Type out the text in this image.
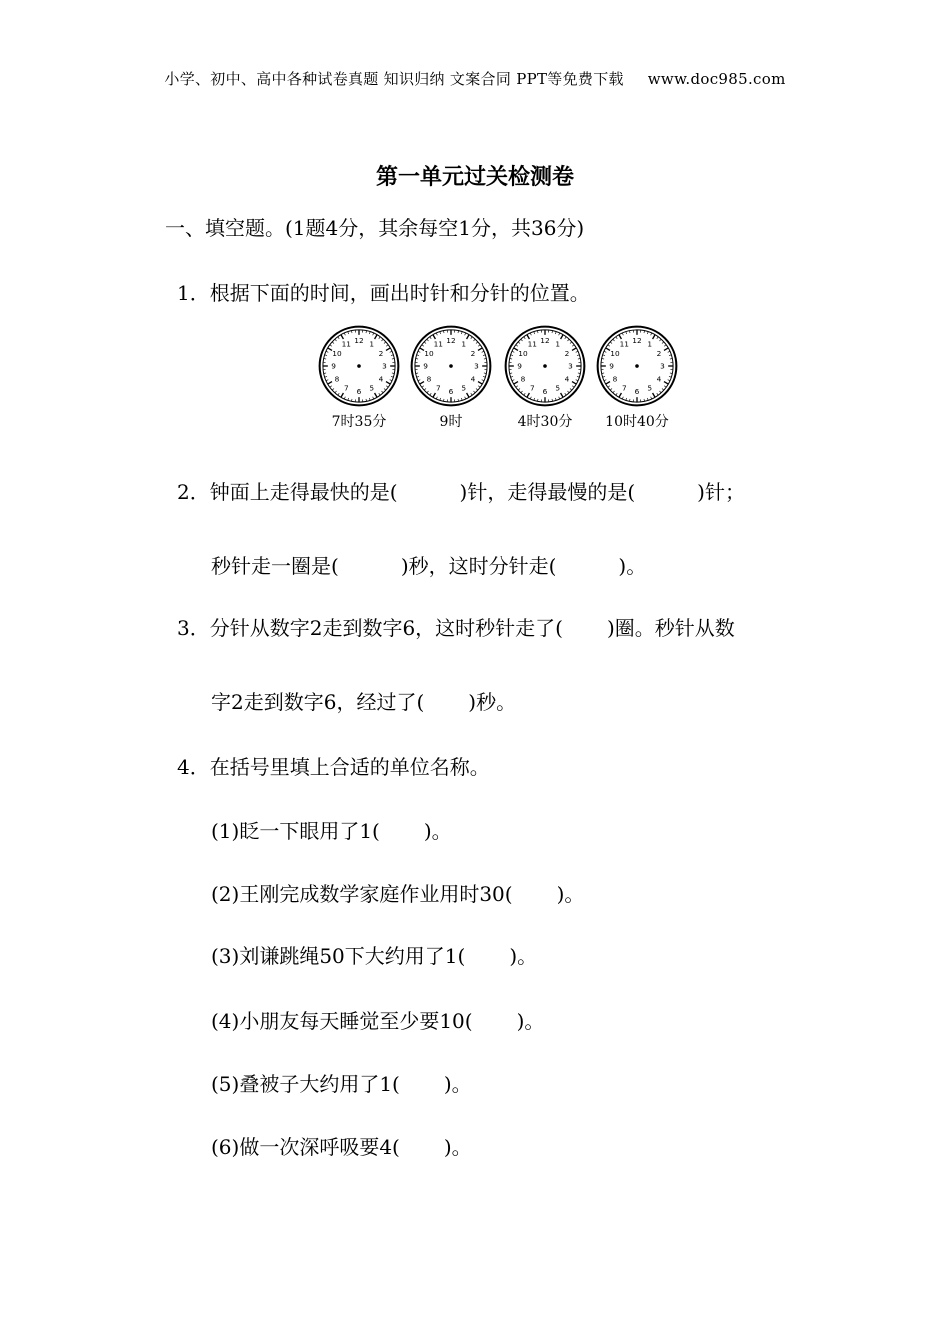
小学、初中、高中各种试卷真题 知识归纳 文案合同 PPT等免费下载 www.doc985.com
第一单元过关检测卷
一、填空题。(1题4分，其余每空1分，共36分)
1．根据下面的时间，画出时针和分针的位置。
12 1
2
3
4
5
6
7
8
9
10
11	12 1
2
3
4
5
6
7
8
9
10
11	12 1
2
3
4
5
6
7
8
9
10
11	12 1
2
3
4
5
6
7
8
9
10
11
7时35分	9时	4时30分	10时40分
2．钟面上走得最快的是(	)针，走得最慢的是(	)针；
秒针走一圈是(	)秒，这时分针走(	)。
3．分针从数字2走到数字6，这时秒针走了( )圈。秒针从数
字2走到数字6，经过了( )秒。
4．在括号里填上合适的单位名称。
(1)眨一下眼用了1( )。
(2)王刚完成数学家庭作业用时30( )。
(3)刘谦跳绳50下大约用了1( )。
(4)小朋友每天睡觉至少要10( )。
(5)叠被子大约用了1( )。
(6)做一次深呼吸要4( )。
